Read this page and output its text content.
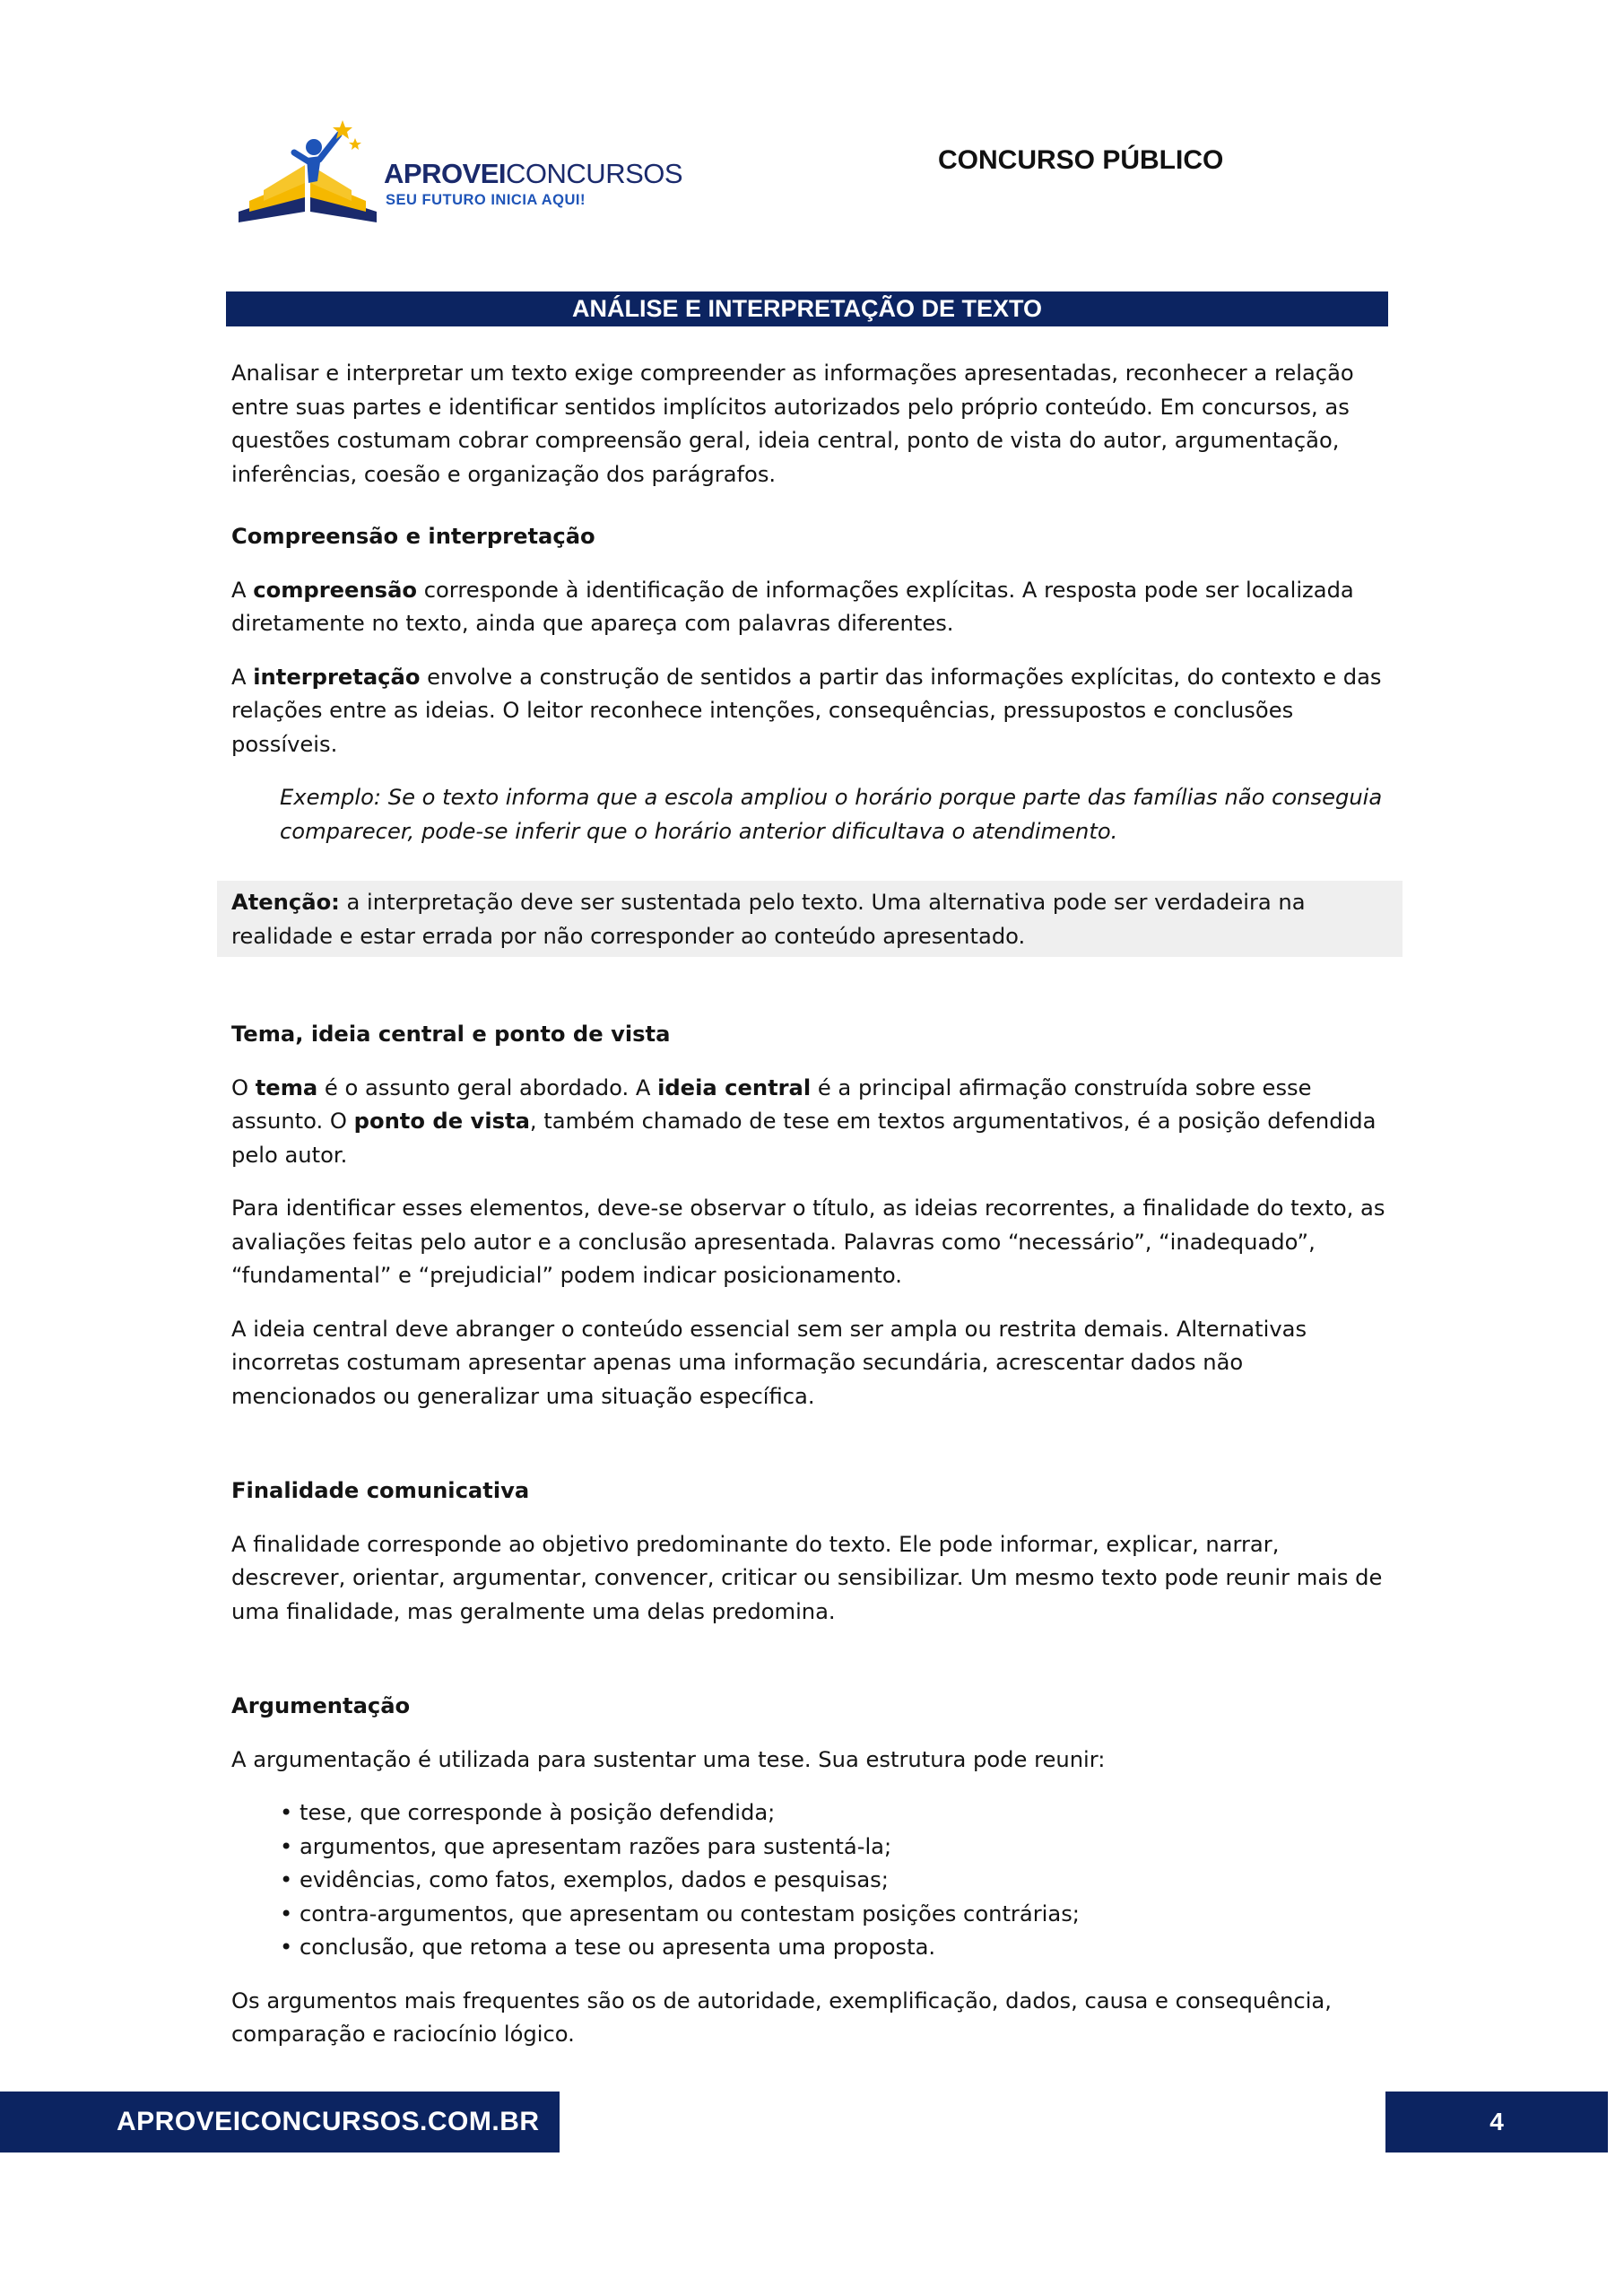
APROVEICONCURSOS
SEU FUTURO INICIA AQUI!
CONCURSO PÚBLICO
ANÁLISE E INTERPRETAÇÃO DE TEXTO

Analisar e interpretar um texto exige compreender as informações apresentadas, reconhecer a relação entre suas partes e identificar sentidos implícitos autorizados pelo próprio conteúdo. Em concursos, as questões costumam cobrar compreensão geral, ideia central, ponto de vista do autor, argumentação, inferências, coesão e organização dos parágrafos.

Compreensão e interpretação

A compreensão corresponde à identificação de informações explícitas. A resposta pode ser localizada diretamente no texto, ainda que apareça com palavras diferentes.

A interpretação envolve a construção de sentidos a partir das informações explícitas, do contexto e das relações entre as ideias. O leitor reconhece intenções, consequências, pressupostos e conclusões possíveis.

Exemplo: Se o texto informa que a escola ampliou o horário porque parte das famílias não conseguia comparecer, pode-se inferir que o horário anterior dificultava o atendimento.

Atenção: a interpretação deve ser sustentada pelo texto. Uma alternativa pode ser verdadeira na realidade e estar errada por não corresponder ao conteúdo apresentado.

Tema, ideia central e ponto de vista

O tema é o assunto geral abordado. A ideia central é a principal afirmação construída sobre esse assunto. O ponto de vista, também chamado de tese em textos argumentativos, é a posição defendida pelo autor.

Para identificar esses elementos, deve-se observar o título, as ideias recorrentes, a finalidade do texto, as avaliações feitas pelo autor e a conclusão apresentada. Palavras como “necessário”, “inadequado”, “fundamental” e “prejudicial” podem indicar posicionamento.

A ideia central deve abranger o conteúdo essencial sem ser ampla ou restrita demais. Alternativas incorretas costumam apresentar apenas uma informação secundária, acrescentar dados não mencionados ou generalizar uma situação específica.

Finalidade comunicativa

A finalidade corresponde ao objetivo predominante do texto. Ele pode informar, explicar, narrar, descrever, orientar, argumentar, convencer, criticar ou sensibilizar. Um mesmo texto pode reunir mais de uma finalidade, mas geralmente uma delas predomina.

Argumentação

A argumentação é utilizada para sustentar uma tese. Sua estrutura pode reunir:

• tese, que corresponde à posição defendida;
• argumentos, que apresentam razões para sustentá-la;
• evidências, como fatos, exemplos, dados e pesquisas;
• contra-argumentos, que apresentam ou contestam posições contrárias;
• conclusão, que retoma a tese ou apresenta uma proposta.

Os argumentos mais frequentes são os de autoridade, exemplificação, dados, causa e consequência, comparação e raciocínio lógico.

APROVEICONCURSOS.COM.BR	4
